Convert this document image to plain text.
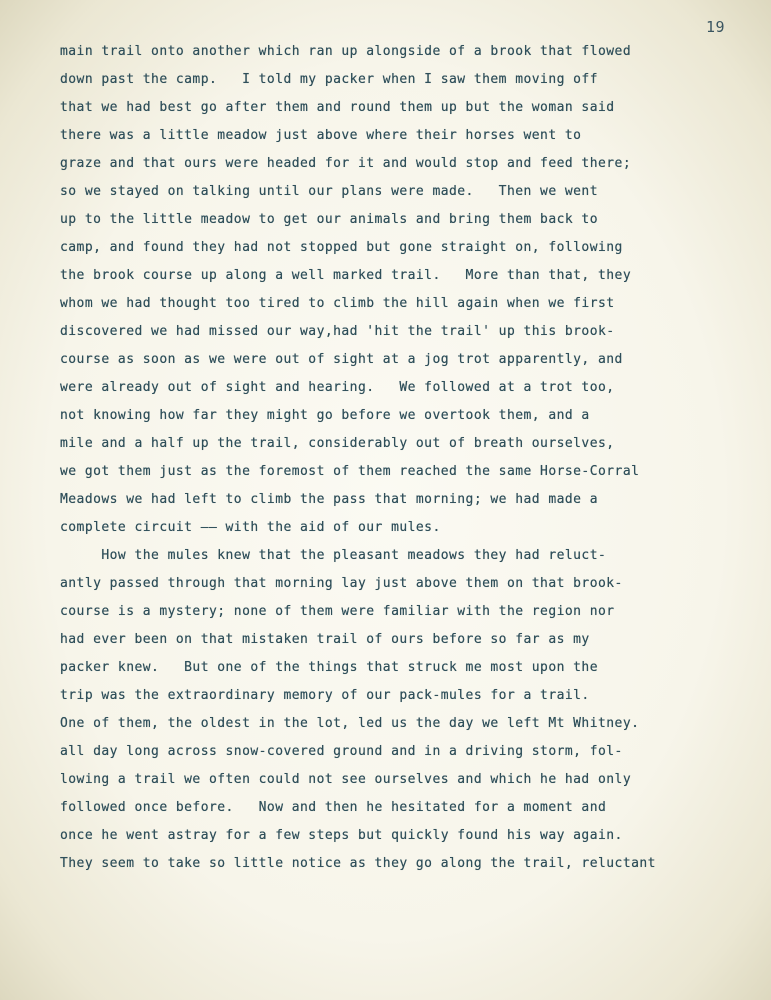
19
main trail onto another which ran up alongside of a brook that flowed
down past the camp.   I told my packer when I saw them moving off
that we had best go after them and round them up but the woman said
there was a little meadow just above where their horses went to
graze and that ours were headed for it and would stop and feed there;
so we stayed on talking until our plans were made.   Then we went
up to the little meadow to get our animals and bring them back to
camp, and found they had not stopped but gone straight on, following
the brook course up along a well marked trail.   More than that, they
whom we had thought too tired to climb the hill again when we first
discovered we had missed our way,had 'hit the trail' up this brook-
course as soon as we were out of sight at a jog trot apparently, and
were already out of sight and hearing.   We followed at a trot too,
not knowing how far they might go before we overtook them, and a
mile and a half up the trail, considerably out of breath ourselves,
we got them just as the foremost of them reached the same Horse-Corral
Meadows we had left to climb the pass that morning; we had made a
complete circuit —— with the aid of our mules.
How the mules knew that the pleasant meadows they had reluct-
antly passed through that morning lay just above them on that brook-
course is a mystery; none of them were familiar with the region nor
had ever been on that mistaken trail of ours before so far as my
packer knew.   But one of the things that struck me most upon the
trip was the extraordinary memory of our pack-mules for a trail.
One of them, the oldest in the lot, led us the day we left Mt Whitney.
all day long across snow-covered ground and in a driving storm, fol-
lowing a trail we often could not see ourselves and which he had only
followed once before.   Now and then he hesitated for a moment and
once he went astray for a few steps but quickly found his way again.
They seem to take so little notice as they go along the trail, reluctant
